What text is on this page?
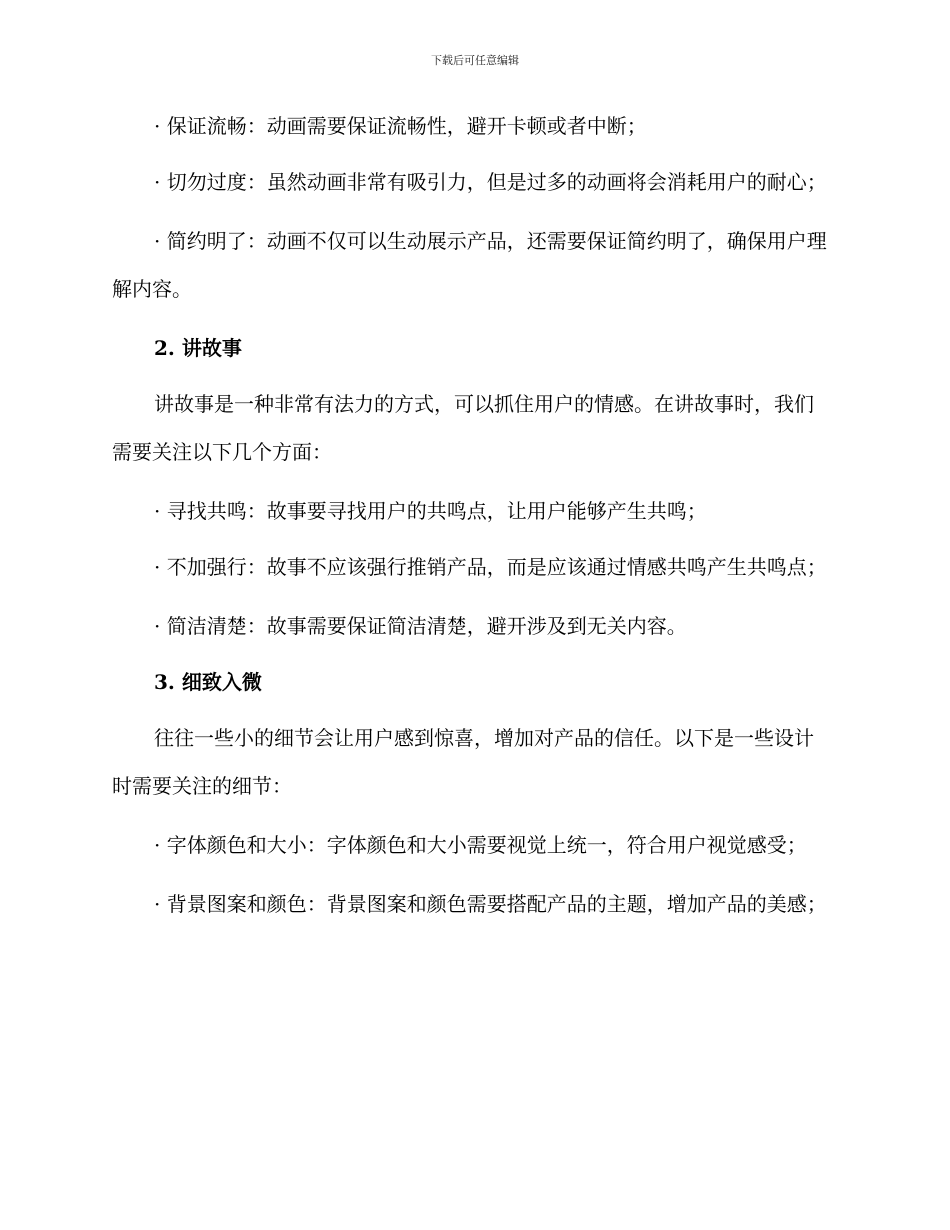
下载后可任意编辑

· 保证流畅：动画需要保证流畅性，避开卡顿或者中断；

· 切勿过度：虽然动画非常有吸引力，但是过多的动画将会消耗用户的耐心；

· 简约明了：动画不仅可以生动展示产品，还需要保证简约明了，确保用户理解内容。

2. 讲故事

讲故事是一种非常有法力的方式，可以抓住用户的情感。在讲故事时，我们需要关注以下几个方面：

· 寻找共鸣：故事要寻找用户的共鸣点，让用户能够产生共鸣；

· 不加强行：故事不应该强行推销产品，而是应该通过情感共鸣产生共鸣点；

· 简洁清楚：故事需要保证简洁清楚，避开涉及到无关内容。

3. 细致入微

往往一些小的细节会让用户感到惊喜，增加对产品的信任。以下是一些设计时需要关注的细节：

· 字体颜色和大小：字体颜色和大小需要视觉上统一，符合用户视觉感受；

· 背景图案和颜色：背景图案和颜色需要搭配产品的主题，增加产品的美感；
